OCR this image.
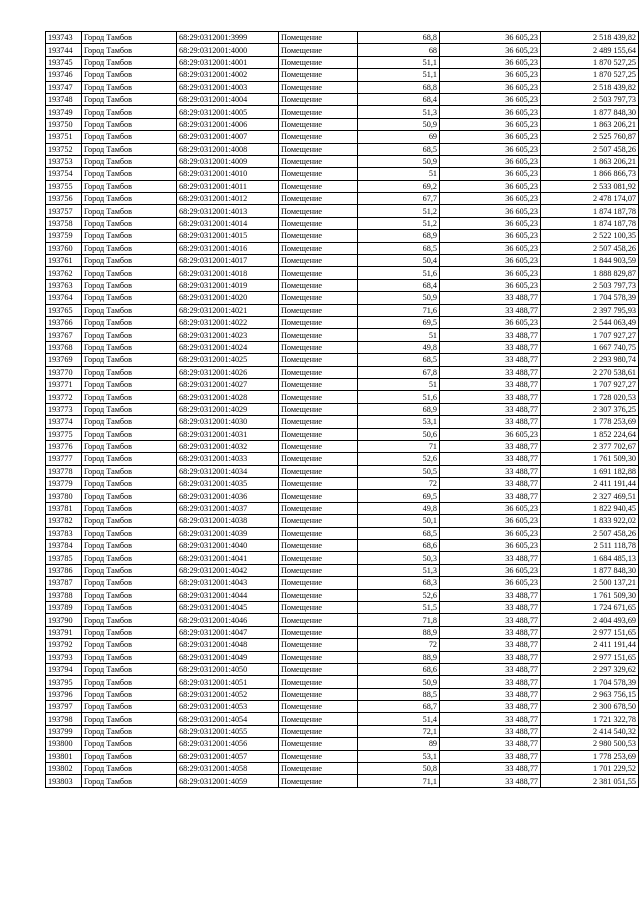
193743	Город Тамбов	68:29:0312001:3999	Помещение	68,8	36 605,23	2 518 439,82
193744	Город Тамбов	68:29:0312001:4000	Помещение	68	36 605,23	2 489 155,64
193745	Город Тамбов	68:29:0312001:4001	Помещение	51,1	36 605,23	1 870 527,25
193746	Город Тамбов	68:29:0312001:4002	Помещение	51,1	36 605,23	1 870 527,25
193747	Город Тамбов	68:29:0312001:4003	Помещение	68,8	36 605,23	2 518 439,82
193748	Город Тамбов	68:29:0312001:4004	Помещение	68,4	36 605,23	2 503 797,73
193749	Город Тамбов	68:29:0312001:4005	Помещение	51,3	36 605,23	1 877 848,30
193750	Город Тамбов	68:29:0312001:4006	Помещение	50,9	36 605,23	1 863 206,21
193751	Город Тамбов	68:29:0312001:4007	Помещение	69	36 605,23	2 525 760,87
193752	Город Тамбов	68:29:0312001:4008	Помещение	68,5	36 605,23	2 507 458,26
193753	Город Тамбов	68:29:0312001:4009	Помещение	50,9	36 605,23	1 863 206,21
193754	Город Тамбов	68:29:0312001:4010	Помещение	51	36 605,23	1 866 866,73
193755	Город Тамбов	68:29:0312001:4011	Помещение	69,2	36 605,23	2 533 081,92
193756	Город Тамбов	68:29:0312001:4012	Помещение	67,7	36 605,23	2 478 174,07
193757	Город Тамбов	68:29:0312001:4013	Помещение	51,2	36 605,23	1 874 187,78
193758	Город Тамбов	68:29:0312001:4014	Помещение	51,2	36 605,23	1 874 187,78
193759	Город Тамбов	68:29:0312001:4015	Помещение	68,9	36 605,23	2 522 100,35
193760	Город Тамбов	68:29:0312001:4016	Помещение	68,5	36 605,23	2 507 458,26
193761	Город Тамбов	68:29:0312001:4017	Помещение	50,4	36 605,23	1 844 903,59
193762	Город Тамбов	68:29:0312001:4018	Помещение	51,6	36 605,23	1 888 829,87
193763	Город Тамбов	68:29:0312001:4019	Помещение	68,4	36 605,23	2 503 797,73
193764	Город Тамбов	68:29:0312001:4020	Помещение	50,9	33 488,77	1 704 578,39
193765	Город Тамбов	68:29:0312001:4021	Помещение	71,6	33 488,77	2 397 795,93
193766	Город Тамбов	68:29:0312001:4022	Помещение	69,5	36 605,23	2 544 063,49
193767	Город Тамбов	68:29:0312001:4023	Помещение	51	33 488,77	1 707 927,27
193768	Город Тамбов	68:29:0312001:4024	Помещение	49,8	33 488,77	1 667 740,75
193769	Город Тамбов	68:29:0312001:4025	Помещение	68,5	33 488,77	2 293 980,74
193770	Город Тамбов	68:29:0312001:4026	Помещение	67,8	33 488,77	2 270 538,61
193771	Город Тамбов	68:29:0312001:4027	Помещение	51	33 488,77	1 707 927,27
193772	Город Тамбов	68:29:0312001:4028	Помещение	51,6	33 488,77	1 728 020,53
193773	Город Тамбов	68:29:0312001:4029	Помещение	68,9	33 488,77	2 307 376,25
193774	Город Тамбов	68:29:0312001:4030	Помещение	53,1	33 488,77	1 778 253,69
193775	Город Тамбов	68:29:0312001:4031	Помещение	50,6	36 605,23	1 852 224,64
193776	Город Тамбов	68:29:0312001:4032	Помещение	71	33 488,77	2 377 702,67
193777	Город Тамбов	68:29:0312001:4033	Помещение	52,6	33 488,77	1 761 509,30
193778	Город Тамбов	68:29:0312001:4034	Помещение	50,5	33 488,77	1 691 182,88
193779	Город Тамбов	68:29:0312001:4035	Помещение	72	33 488,77	2 411 191,44
193780	Город Тамбов	68:29:0312001:4036	Помещение	69,5	33 488,77	2 327 469,51
193781	Город Тамбов	68:29:0312001:4037	Помещение	49,8	36 605,23	1 822 940,45
193782	Город Тамбов	68:29:0312001:4038	Помещение	50,1	36 605,23	1 833 922,02
193783	Город Тамбов	68:29:0312001:4039	Помещение	68,5	36 605,23	2 507 458,26
193784	Город Тамбов	68:29:0312001:4040	Помещение	68,6	36 605,23	2 511 118,78
193785	Город Тамбов	68:29:0312001:4041	Помещение	50,3	33 488,77	1 684 485,13
193786	Город Тамбов	68:29:0312001:4042	Помещение	51,3	36 605,23	1 877 848,30
193787	Город Тамбов	68:29:0312001:4043	Помещение	68,3	36 605,23	2 500 137,21
193788	Город Тамбов	68:29:0312001:4044	Помещение	52,6	33 488,77	1 761 509,30
193789	Город Тамбов	68:29:0312001:4045	Помещение	51,5	33 488,77	1 724 671,65
193790	Город Тамбов	68:29:0312001:4046	Помещение	71,8	33 488,77	2 404 493,69
193791	Город Тамбов	68:29:0312001:4047	Помещение	88,9	33 488,77	2 977 151,65
193792	Город Тамбов	68:29:0312001:4048	Помещение	72	33 488,77	2 411 191,44
193793	Город Тамбов	68:29:0312001:4049	Помещение	88,9	33 488,77	2 977 151,65
193794	Город Тамбов	68:29:0312001:4050	Помещение	68,6	33 488,77	2 297 329,62
193795	Город Тамбов	68:29:0312001:4051	Помещение	50,9	33 488,77	1 704 578,39
193796	Город Тамбов	68:29:0312001:4052	Помещение	88,5	33 488,77	2 963 756,15
193797	Город Тамбов	68:29:0312001:4053	Помещение	68,7	33 488,77	2 300 678,50
193798	Город Тамбов	68:29:0312001:4054	Помещение	51,4	33 488,77	1 721 322,78
193799	Город Тамбов	68:29:0312001:4055	Помещение	72,1	33 488,77	2 414 540,32
193800	Город Тамбов	68:29:0312001:4056	Помещение	89	33 488,77	2 980 500,53
193801	Город Тамбов	68:29:0312001:4057	Помещение	53,1	33 488,77	1 778 253,69
193802	Город Тамбов	68:29:0312001:4058	Помещение	50,8	33 488,77	1 701 229,52
193803	Город Тамбов	68:29:0312001:4059	Помещение	71,1	33 488,77	2 381 051,55
